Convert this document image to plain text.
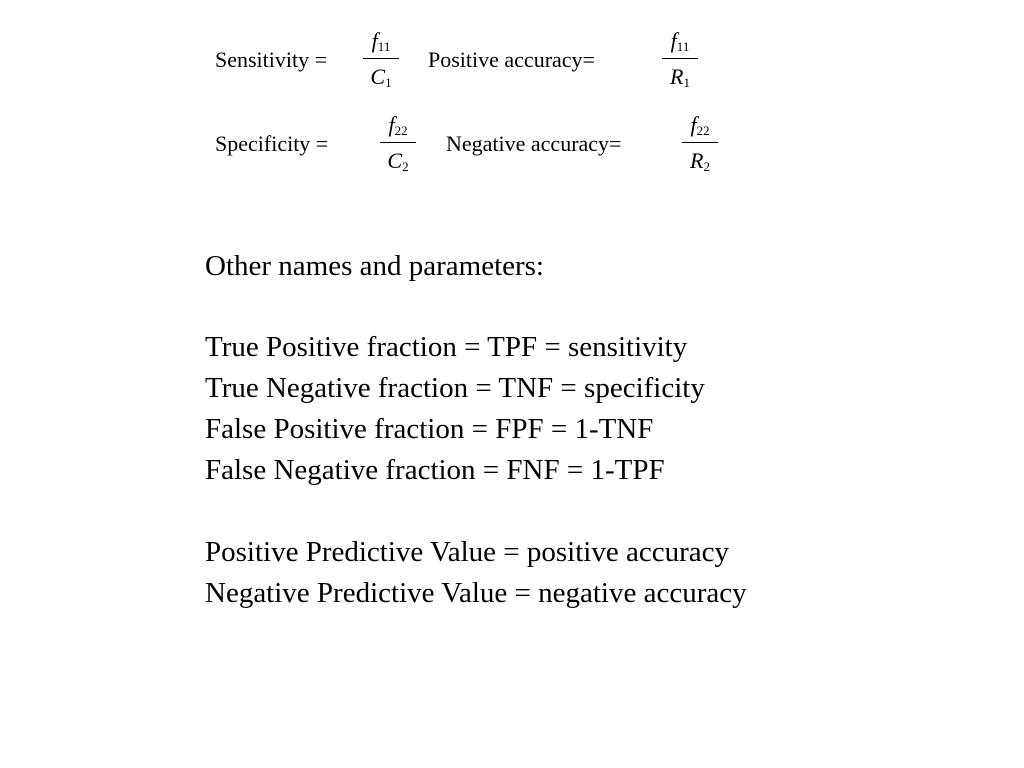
Sensitivity =
$f_{11}$
$C_1$
Positive accuracy=
$f_{11}$
$R_1$
Specificity =
$f_{22}$
$C_2$
Negative accuracy=
$f_{22}$
$R_2$
Other names and parameters:
True Positive fraction = TPF = sensitivity
True Negative fraction = TNF = specificity
False Positive fraction = FPF = 1-TNF
False Negative fraction = FNF = 1-TPF
Positive Predictive Value = positive accuracy
Negative Predictive Value = negative accuracy
